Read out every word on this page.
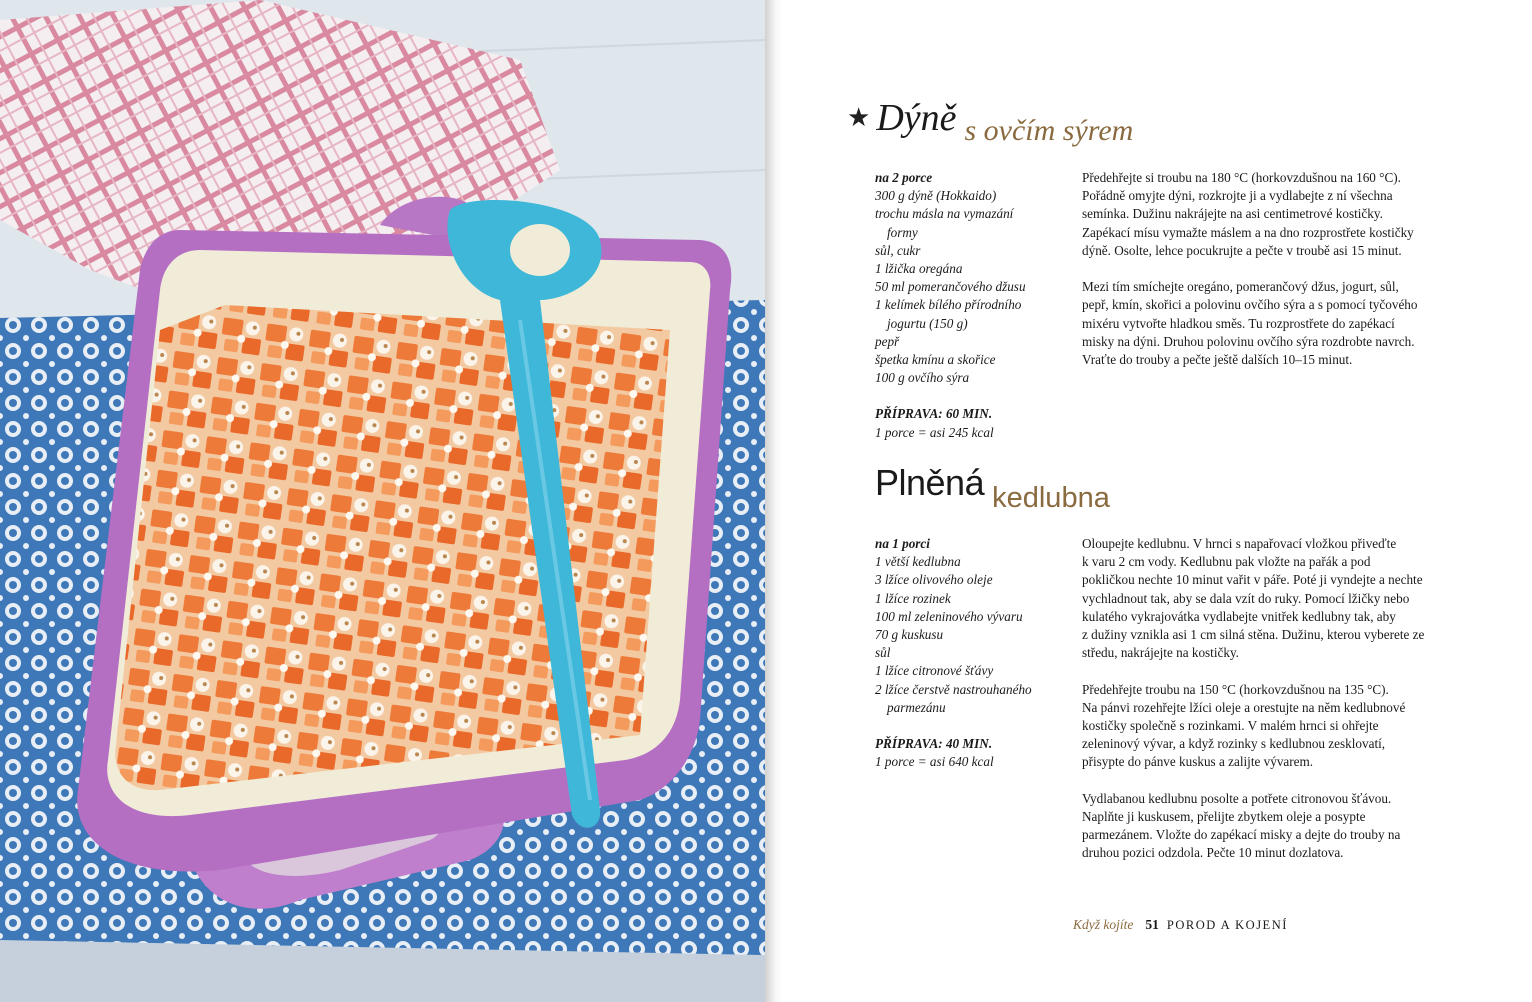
★ Dýně s ovčím sýrem
na 2 porce
300 g dýně (Hokkaido)
trochu másla na vymazání
formy
sůl, cukr
1 lžička oregána
50 ml pomerančového džusu
1 kelímek bílého přírodního
jogurtu (150 g)
pepř
špetka kmínu a skořice
100 g ovčího sýra
PŘÍPRAVA: 60 MIN.
1 porce = asi 245 kcal
Předehřejte si troubu na 180 °C (horkovzdušnou na 160 °C).
Pořádně omyjte dýni, rozkrojte ji a vydlabejte z ní všechna
semínka. Dužinu nakrájejte na asi centimetrové kostičky.
Zapékací mísu vymažte máslem a na dno rozprostřete kostičky
dýně. Osolte, lehce pocukrujte a pečte v troubě asi 15 minut.
Mezi tím smíchejte oregáno, pomerančový džus, jogurt, sůl,
pepř, kmín, skořici a polovinu ovčího sýra a s pomocí tyčového
mixéru vytvořte hladkou směs. Tu rozprostřete do zapékací
misky na dýni. Druhou polovinu ovčího sýra rozdrobte navrch.
Vraťte do trouby a pečte ještě dalších 10–15 minut.
Plněná kedlubna
na 1 porci
1 větší kedlubna
3 lžíce olivového oleje
1 lžíce rozinek
100 ml zeleninového vývaru
70 g kuskusu
sůl
1 lžíce citronové šťávy
2 lžíce čerstvě nastrouhaného
parmezánu
PŘÍPRAVA: 40 MIN.
1 porce = asi 640 kcal
Oloupejte kedlubnu. V hrnci s napařovací vložkou přiveďte
k varu 2 cm vody. Kedlubnu pak vložte na pařák a pod
pokličkou nechte 10 minut vařit v páře. Poté ji vyndejte a nechte
vychladnout tak, aby se dala vzít do ruky. Pomocí lžičky nebo
kulatého vykrajovátka vydlabejte vnitřek kedlubny tak, aby
z dužiny vznikla asi 1 cm silná stěna. Dužinu, kterou vyberete ze
středu, nakrájejte na kostičky.
Předehřejte troubu na 150 °C (horkovzdušnou na 135 °C).
Na pánvi rozehřejte lžíci oleje a orestujte na něm kedlubnové
kostičky společně s rozinkami. V malém hrnci si ohřejte
zeleninový vývar, a když rozinky s kedlubnou zesklovatí,
přisypte do pánve kuskus a zalijte vývarem.
Vydlabanou kedlubnu posolte a potřete citronovou šťávou.
Naplňte ji kuskusem, přelijte zbytkem oleje a posypte
parmezánem. Vložte do zapékací misky a dejte do trouby na
druhou pozici odzdola. Pečte 10 minut dozlatova.
Když kojíte 51 POROD A KOJENÍ
